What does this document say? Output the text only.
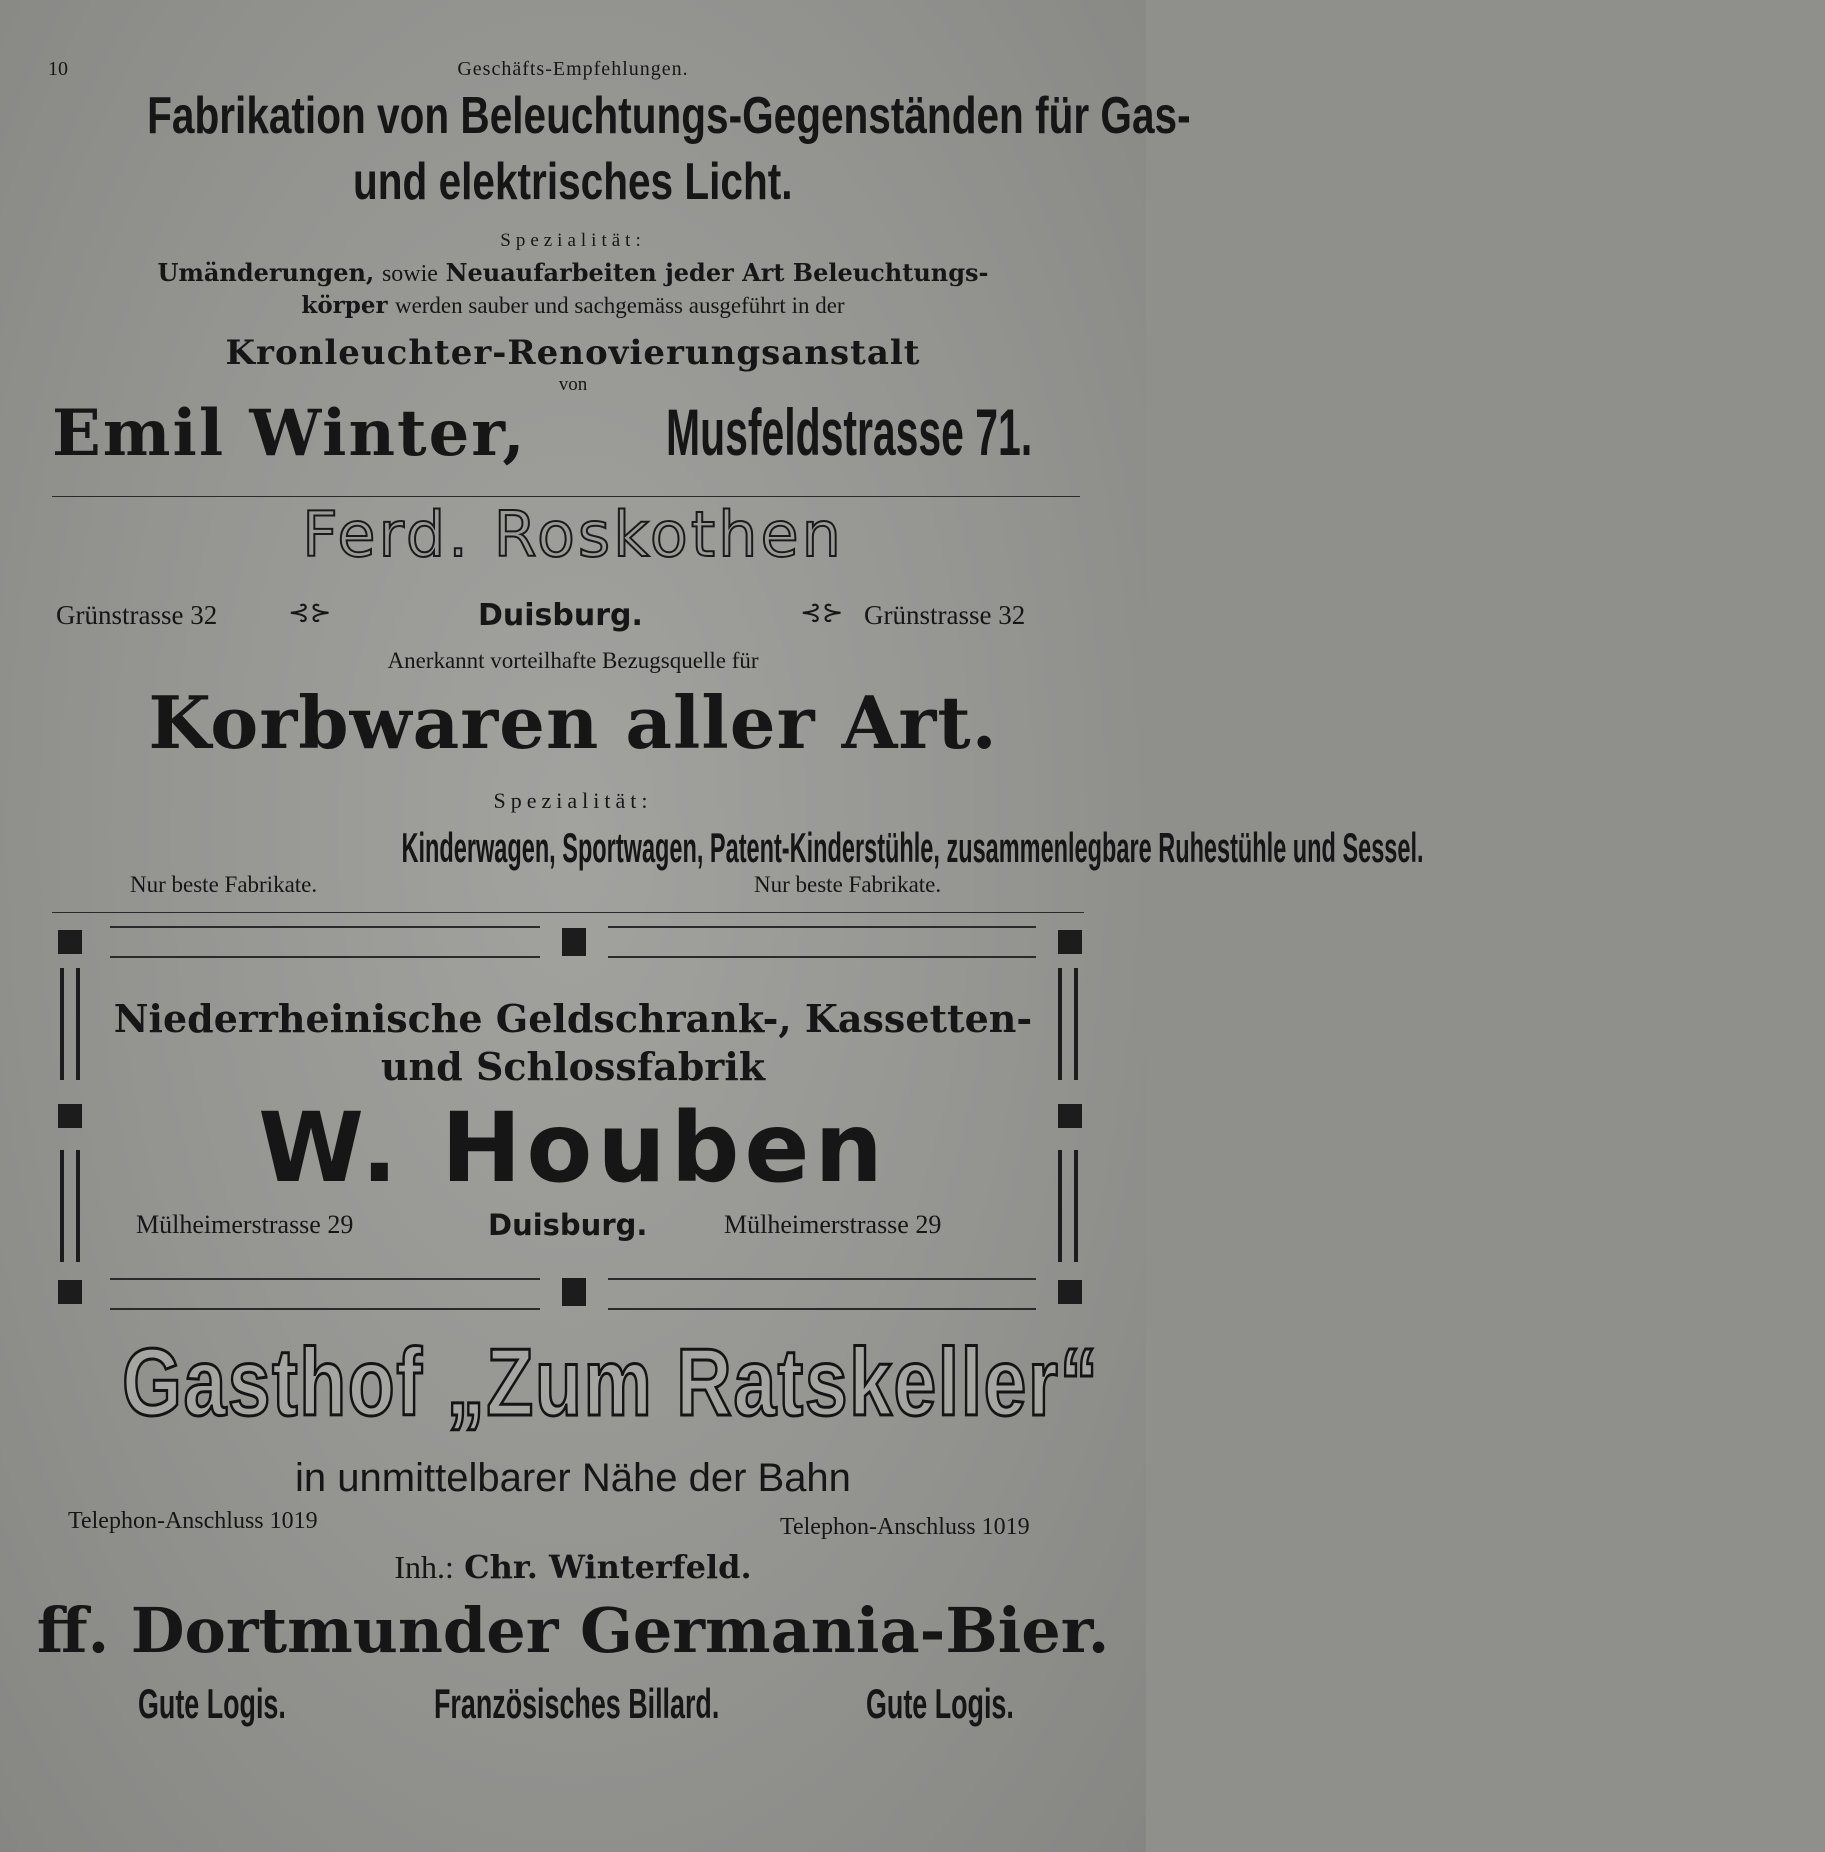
10	Geschäfts-Empfehlungen.
Fabrikation von Beleuchtungs-Gegenständen für Gas-
und elektrisches Licht.
Spezialität:
Umänderungen, sowie Neuaufarbeiten jeder Art Beleuchtungs-
körper werden sauber und sachgemäss ausgeführt in der
Kronleuchter-Renovierungsanstalt
von
Emil Winter, Musfeldstrasse 71.
Ferd. Roskothen
Grünstrasse 32	⊰⊱	Duisburg.	⊰⊱ Grünstrasse 32
Anerkannt vorteilhafte Bezugsquelle für
Korbwaren aller Art.
Spezialität:
Kinderwagen, Sportwagen, Patent-Kinderstühle, zusammenlegbare Ruhestühle und Sessel.
Nur beste Fabrikate.	Nur beste Fabrikate.
Niederrheinische Geldschrank-, Kassetten-
und Schlossfabrik
W. Houben
Mülheimerstrasse 29	Duisburg.	Mülheimerstrasse 29
Gasthof „Zum Ratskeller“
in unmittelbarer Nähe der Bahn
Telephon-Anschluss 1019	Telephon-Anschluss 1019
Inh.: Chr. Winterfeld.
ff. Dortmunder Germania-Bier.
Gute Logis.	Französisches Billard.	Gute Logis.
